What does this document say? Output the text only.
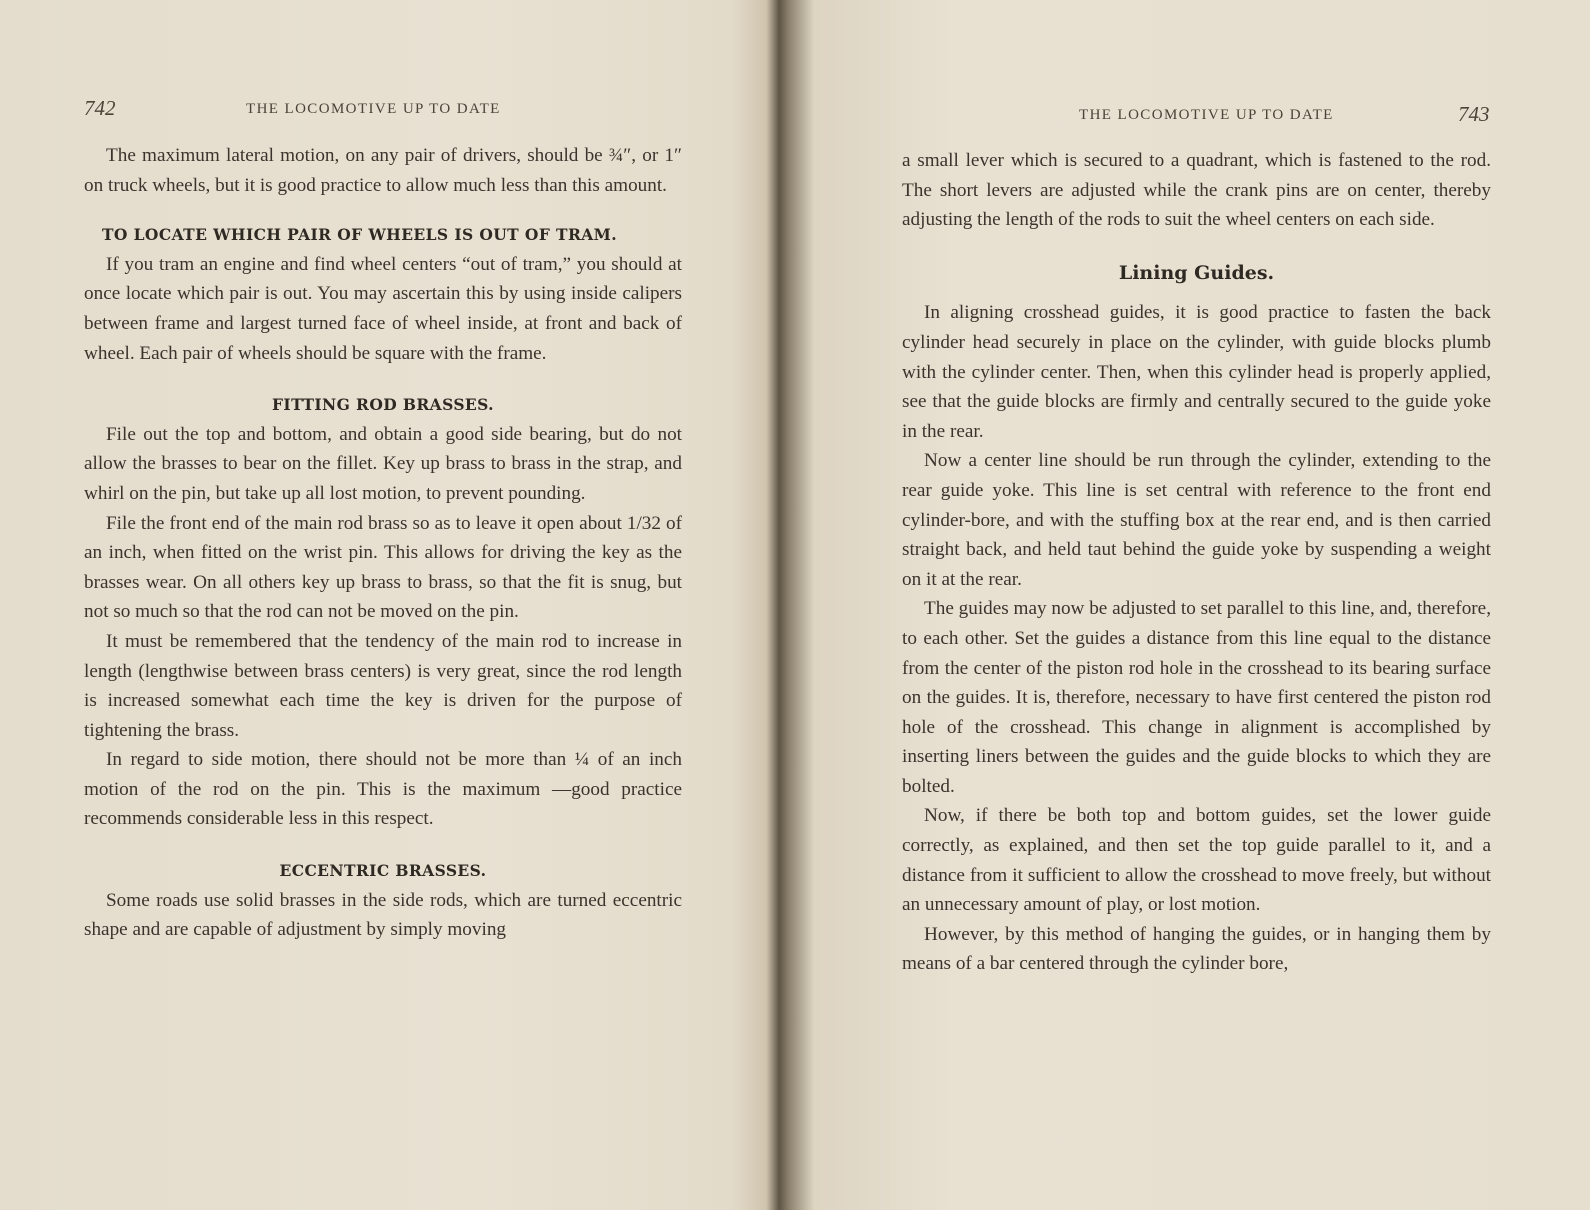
742	THE LOCOMOTIVE UP TO DATE

The maximum lateral motion, on any pair of drivers, should be ¾″, or 1″ on truck wheels, but it is good practice to allow much less than this amount.

TO LOCATE WHICH PAIR OF WHEELS IS OUT OF TRAM.

If you tram an engine and find wheel centers “out of tram,” you should at once locate which pair is out. You may ascertain this by using inside calipers between frame and largest turned face of wheel inside, at front and back of wheel. Each pair of wheels should be square with the frame.

FITTING ROD BRASSES.

File out the top and bottom, and obtain a good side bearing, but do not allow the brasses to bear on the fillet. Key up brass to brass in the strap, and whirl on the pin, but take up all lost motion, to prevent pounding.

File the front end of the main rod brass so as to leave it open about 1/32 of an inch, when fitted on the wrist pin. This allows for driving the key as the brasses wear. On all others key up brass to brass, so that the fit is snug, but not so much so that the rod can not be moved on the pin.

It must be remembered that the tendency of the main rod to increase in length (lengthwise between brass centers) is very great, since the rod length is increased somewhat each time the key is driven for the purpose of tightening the brass.

In regard to side motion, there should not be more than ¼ of an inch motion of the rod on the pin. This is the maximum —good practice recommends considerable less in this respect.

ECCENTRIC BRASSES.

Some roads use solid brasses in the side rods, which are turned eccentric shape and are capable of adjustment by simply moving

THE LOCOMOTIVE UP TO DATE	743

a small lever which is secured to a quadrant, which is fastened to the rod. The short levers are adjusted while the crank pins are on center, thereby adjusting the length of the rods to suit the wheel centers on each side.

Lining Guides.

In aligning crosshead guides, it is good practice to fasten the back cylinder head securely in place on the cylinder, with guide blocks plumb with the cylinder center. Then, when this cylinder head is properly applied, see that the guide blocks are firmly and centrally secured to the guide yoke in the rear.

Now a center line should be run through the cylinder, extending to the rear guide yoke. This line is set central with reference to the front end cylinder-bore, and with the stuffing box at the rear end, and is then carried straight back, and held taut behind the guide yoke by suspending a weight on it at the rear.

The guides may now be adjusted to set parallel to this line, and, therefore, to each other. Set the guides a distance from this line equal to the distance from the center of the piston rod hole in the crosshead to its bearing surface on the guides. It is, therefore, necessary to have first centered the piston rod hole of the crosshead. This change in alignment is accomplished by inserting liners between the guides and the guide blocks to which they are bolted.

Now, if there be both top and bottom guides, set the lower guide correctly, as explained, and then set the top guide parallel to it, and a distance from it sufficient to allow the crosshead to move freely, but without an unnecessary amount of play, or lost motion.

However, by this method of hanging the guides, or in hanging them by means of a bar centered through the cylinder bore,
